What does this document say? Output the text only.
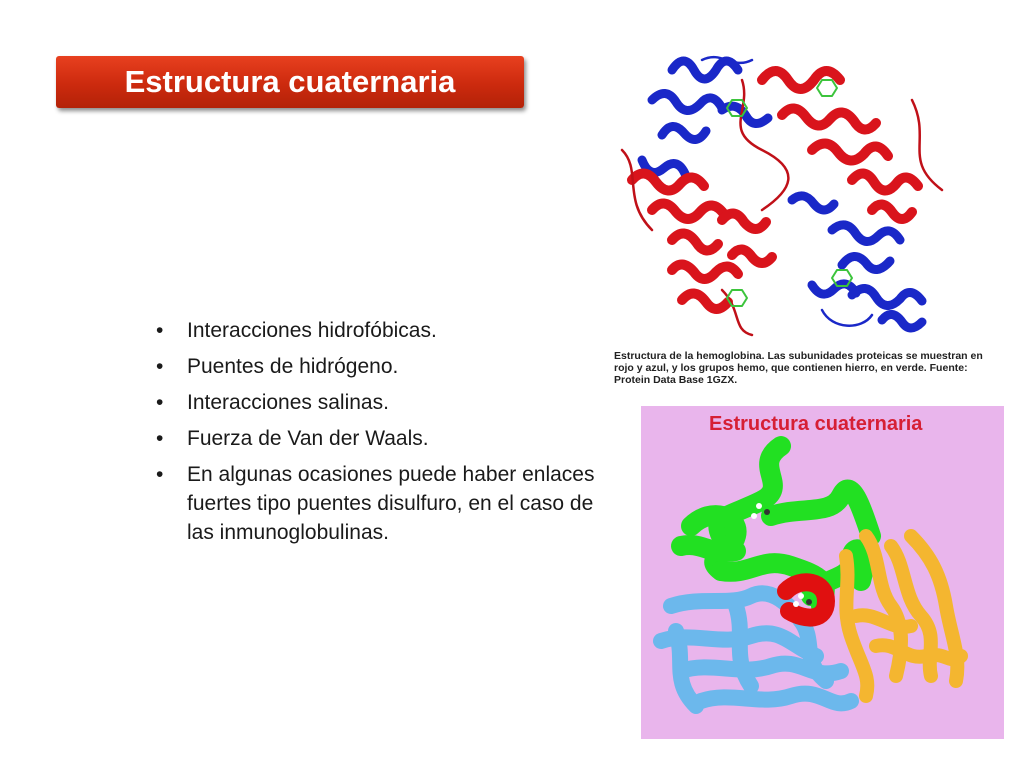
Estructura cuaternaria
• Interacciones hidrofóbicas.
• Puentes de hidrógeno.
• Interacciones salinas.
• Fuerza de Van der Waals.
• En algunas ocasiones puede haber enlaces fuertes tipo puentes disulfuro, en el caso de las inmunoglobulinas.
Estructura de la hemoglobina. Las subunidades proteicas se muestran en rojo y azul, y los grupos hemo, que contienen hierro, en verde. Fuente: Protein Data Base 1GZX.
Estructura cuaternaria
